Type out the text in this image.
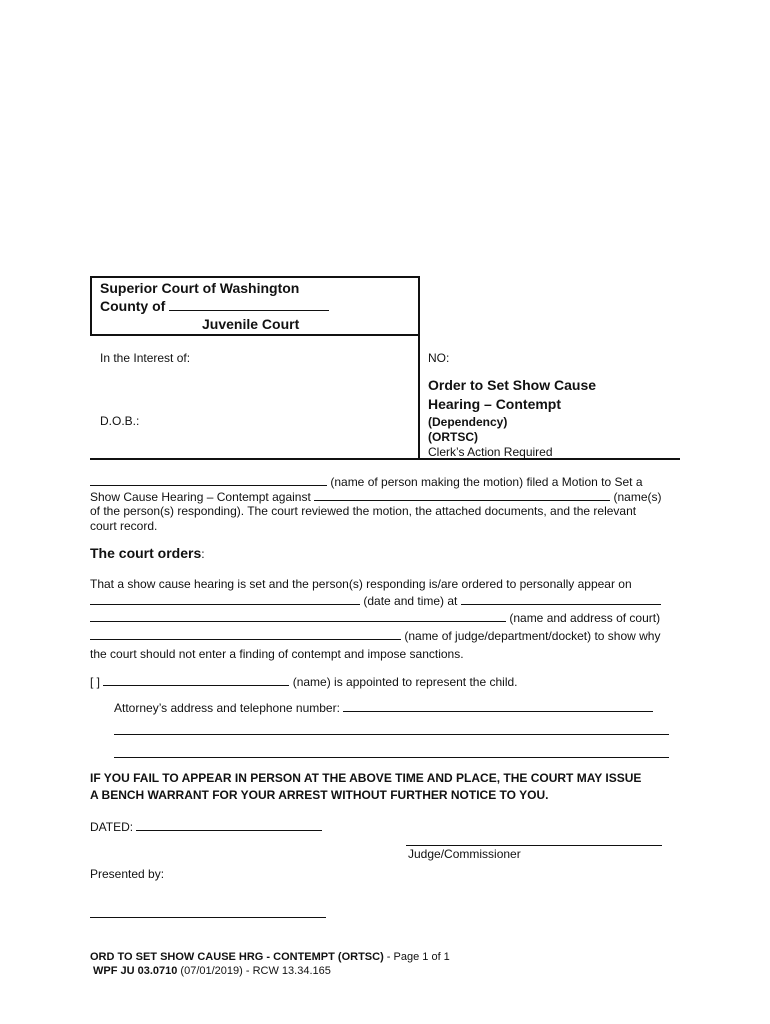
Superior Court of Washington
County of
Juvenile Court
In the Interest of:
D.O.B.:
NO:
Order to Set Show Cause
Hearing – Contempt
(Dependency)
(ORTSC)
Clerk’s Action Required
(name of person making the motion) filed a Motion to Set a
Show Cause Hearing – Contempt against	(name(s)
of the person(s) responding). The court reviewed the motion, the attached documents, and the relevant
court record.
The court orders:
That a show cause hearing is set and the person(s) responding is/are ordered to personally appear on
(date and time) at
(name and address of court)
(name of judge/department/docket) to show why
the court should not enter a finding of contempt and impose sanctions.
[ ]	(name) is appointed to represent the child.
Attorney’s address and telephone number:
IF YOU FAIL TO APPEAR IN PERSON AT THE ABOVE TIME AND PLACE, THE COURT MAY ISSUE
A BENCH WARRANT FOR YOUR ARREST WITHOUT FURTHER NOTICE TO YOU.
DATED:
Judge/Commissioner
Presented by:
ORD TO SET SHOW CAUSE HRG - CONTEMPT (ORTSC) - Page 1 of 1
WPF JU 03.0710 (07/01/2019) - RCW 13.34.165
